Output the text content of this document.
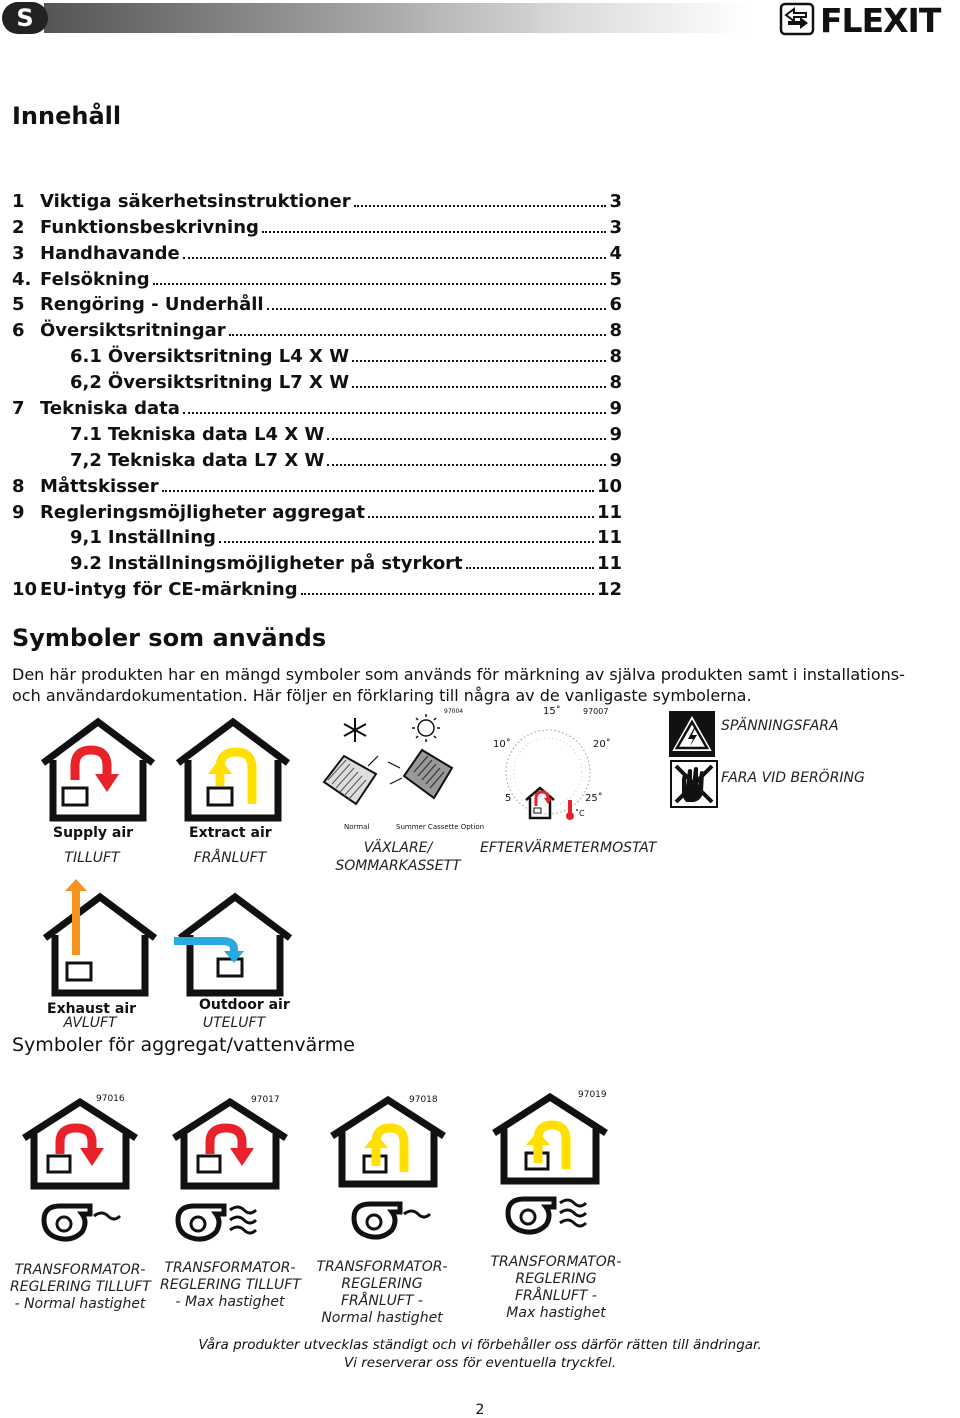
S	FLEXIT
Innehåll
1 Viktiga säkerhetsinstruktioner	3
2 Funktionsbeskrivning	3
3 Handhavande	4
4. Felsökning	5
5 Rengöring - Underhåll	6
6 Översiktsritningar	8
6.1 Översiktsritning L4 X W	8
6,2 Översiktsritning L7 X W	8
7 Tekniska data	9
7.1 Tekniska data L4 X W	9
7,2 Tekniska data L7 X W	9
8 Måttskisser	10
9 Regleringsmöjligheter aggregat	11
9,1 Inställning	11
9.2 Inställningsmöjligheter på styrkort	11
10 EU-intyg för CE-märkning	12
Symboler som används
Den här produkten har en mängd symboler som används för märkning av själva produkten samt i installations- och användardokumentation. Här följer en förklaring till några av de vanligaste symbolerna.
Supply air
TILLUFT
Extract air
FRÅNLUFT
97004
Normal	Summer Cassette Option
VÄXLARE/
SOMMARKASSETT
97007
15˚
10˚	20˚
5˚	25˚
˚C
EFTERVÄRMETERMOSTAT
SPÄNNINGSFARA
FARA VID BERÖRING
Exhaust air
AVLUFT
Outdoor air
UTELUFT
Symboler för aggregat/vattenvärme
97016
TRANSFORMATOR-
REGLERING TILLUFT
- Normal hastighet
97017
TRANSFORMATOR-
REGLERING TILLUFT
- Max hastighet
97018
TRANSFORMATOR-
REGLERING
FRÅNLUFT -
Normal hastighet
97019
TRANSFORMATOR-
REGLERING
FRÅNLUFT -
Max hastighet
Våra produkter utvecklas ständigt och vi förbehåller oss därför rätten till ändringar.
Vi reserverar oss för eventuella tryckfel.
2
